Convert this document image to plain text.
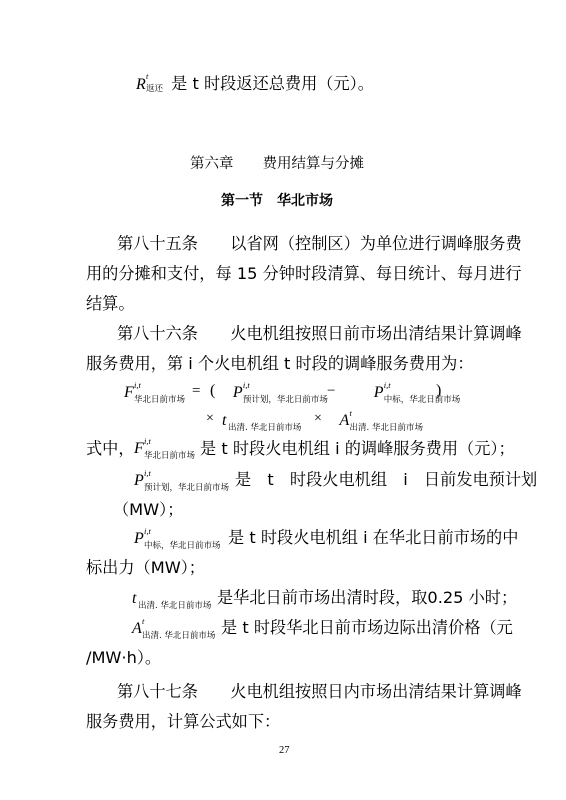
R t
返还 是 t 时段返还总费用（元）。
第六章　　费用结算与分摊
第一节　华北市场
第八十五条　　以省网（控制区）为单位进行调峰服务费
用的分摊和支付，每 15 分钟时段清算、每日统计、每月进行
结算。
第八十六条　　火电机组按照日前市场出清结果计算调峰
服务费用，第 i 个火电机组 t 时段的调峰服务费用为：
F i,t
华北日前市场

= ( P i,t
预计划，华北日前市场

− P i,t
中标，华北日前市场
)
× t 出清. 华北日前市场

× A t
出清. 华北日前市场
式中， F i,t
华北日前市场 是 t 时段火电机组 i 的调峰服务费用（元）；
P i,t
预计划，华北日前市场 是　t　时段火电机组　i　日前发电预计划
（MW）；
P i,t
中标，华北日前市场 是 t 时段火电机组 i 在华北日前市场的中
标出力（MW）；
t 出清. 华北日前市场 是华北日前市场出清时段，取0.25 小时；
A t
出清. 华北日前市场 是 t 时段华北日前市场边际出清价格（元
/MW·h）。
第八十七条　　火电机组按照日内市场出清结果计算调峰
服务费用，计算公式如下：
27
